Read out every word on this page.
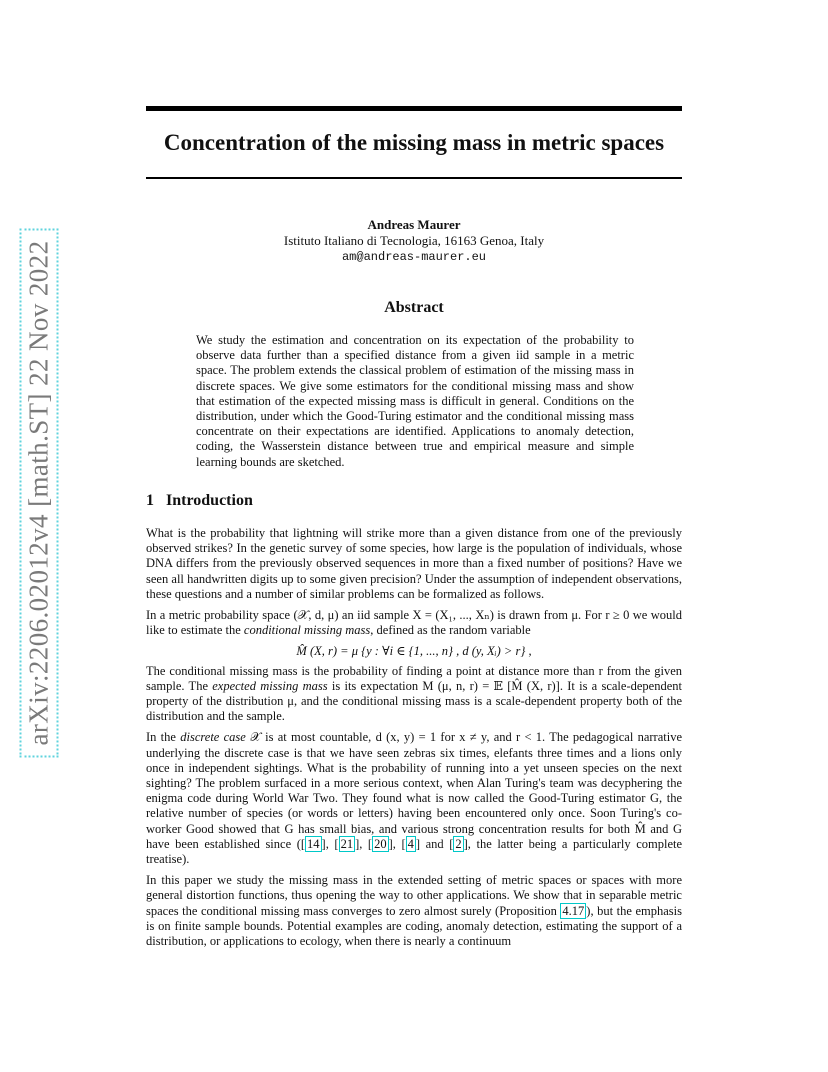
arXiv:2206.02012v4 [math.ST] 22 Nov 2022
Concentration of the missing mass in metric spaces
Andreas Maurer
Istituto Italiano di Tecnologia, 16163 Genoa, Italy
am@andreas-maurer.eu
Abstract
We study the estimation and concentration on its expectation of the probability to observe data further than a specified distance from a given iid sample in a metric space. The problem extends the classical problem of estimation of the missing mass in discrete spaces. We give some estimators for the conditional missing mass and show that estimation of the expected missing mass is difficult in general. Conditions on the distribution, under which the Good-Turing estimator and the conditional missing mass concentrate on their expectations are identified. Applications to anomaly detection, coding, the Wasserstein distance between true and empirical measure and simple learning bounds are sketched.
1 Introduction

What is the probability that lightning will strike more than a given distance from one of the previously observed strikes? In the genetic survey of some species, how large is the population of individuals, whose DNA differs from the previously observed sequences in more than a fixed number of positions? Have we seen all handwritten digits up to some given precision? Under the assumption of independent observations, these questions and a number of similar problems can be formalized as follows.

In a metric probability space (𝒳, d, μ) an iid sample X = (X₁, ..., Xₙ) is drawn from μ. For r ≥ 0 we would like to estimate the conditional missing mass, defined as the random variable

M̂ (X, r) = μ {y : ∀i ∈ {1, ..., n} , d (y, Xᵢ) > r} ,

The conditional missing mass is the probability of finding a point at distance more than r from the given sample. The expected missing mass is its expectation M (μ, n, r) = 𝔼 [M̂ (X, r)]. It is a scale-dependent property of the distribution μ, and the conditional missing mass is a scale-dependent property both of the distribution and the sample.

In the discrete case 𝒳 is at most countable, d (x, y) = 1 for x ≠ y, and r < 1. The pedagogical narrative underlying the discrete case is that we have seen zebras six times, elefants three times and a lions only once in independent sightings. What is the probability of running into a yet unseen species on the next sighting? The problem surfaced in a more serious context, when Alan Turing's team was decyphering the enigma code during World War Two. They found what is now called the Good-Turing estimator G, the relative number of species (or words or letters) having been encountered only once. Soon Turing's co-worker Good showed that G has small bias, and various strong concentration results for both M̂ and G have been established since ([ 14 ], [ 21 ], [ 20 ], [ 4 ] and [ 2 ], the latter being a particularly complete treatise).

In this paper we study the missing mass in the extended setting of metric spaces or spaces with more general distortion functions, thus opening the way to other applications. We show that in separable metric spaces the conditional missing mass converges to zero almost surely (Proposition 4.17 ), but the emphasis is on finite sample bounds. Potential examples are coding, anomaly detection, estimating the support of a distribution, or applications to ecology, when there is nearly a continuum
